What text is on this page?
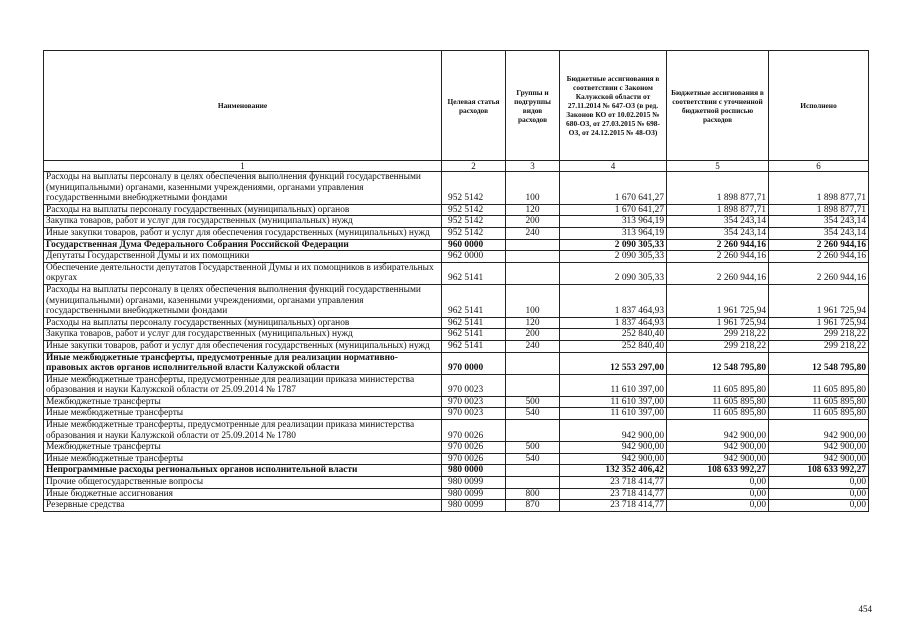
Наименование	Целевая статья расходов	Группы и подгруппы видов расходов	Бюджетные ассигнования в соответствии с Законом Калужской области от 27.11.2014 № 647-ОЗ (в ред. Законов КО от 10.02.2015 № 680-ОЗ, от 27.03.2015 № 698-ОЗ, от 24.12.2015 № 48-ОЗ)	Бюджетные ассигнования в соответствии с уточненной бюджетной росписью расходов	Исполнено
1	2	3	4	5	6
Расходы на выплаты персоналу в целях обеспечения выполнения функций государственными (муниципальными) органами, казенными учреждениями, органами управления государственными внебюджетными фондами	952 5142	100	1 670 641,27	1 898 877,71	1 898 877,71
Расходы на выплаты персоналу государственных (муниципальных) органов	952 5142	120	1 670 641,27	1 898 877,71	1 898 877,71
Закупка товаров, работ и услуг для государственных (муниципальных) нужд	952 5142	200	313 964,19	354 243,14	354 243,14
Иные закупки товаров, работ и услуг для обеспечения государственных (муниципальных) нужд	952 5142	240	313 964,19	354 243,14	354 243,14
Государственная Дума Федерального Собрания Российской Федерации	960 0000		2 090 305,33	2 260 944,16	2 260 944,16
Депутаты Государственной Думы и их помощники	962 0000		2 090 305,33	2 260 944,16	2 260 944,16
Обеспечение деятельности депутатов Государственной Думы и их помощников в избирательных округах	962 5141		2 090 305,33	2 260 944,16	2 260 944,16
Расходы на выплаты персоналу в целях обеспечения выполнения функций государственными (муниципальными) органами, казенными учреждениями, органами управления государственными внебюджетными фондами	962 5141	100	1 837 464,93	1 961 725,94	1 961 725,94
Расходы на выплаты персоналу государственных (муниципальных) органов	962 5141	120	1 837 464,93	1 961 725,94	1 961 725,94
Закупка товаров, работ и услуг для государственных (муниципальных) нужд	962 5141	200	252 840,40	299 218,22	299 218,22
Иные закупки товаров, работ и услуг для обеспечения государственных (муниципальных) нужд	962 5141	240	252 840,40	299 218,22	299 218,22
Иные межбюджетные трансферты, предусмотренные для реализации нормативно-правовых актов органов исполнительной власти Калужской области	970 0000		12 553 297,00	12 548 795,80	12 548 795,80
Иные межбюджетные трансферты, предусмотренные для реализации приказа министерства образования и науки Калужской области от 25.09.2014 № 1787	970 0023		11 610 397,00	11 605 895,80	11 605 895,80
Межбюджетные трансферты	970 0023	500	11 610 397,00	11 605 895,80	11 605 895,80
Иные межбюджетные трансферты	970 0023	540	11 610 397,00	11 605 895,80	11 605 895,80
Иные межбюджетные трансферты, предусмотренные для реализации приказа министерства образования и науки Калужской области от 25.09.2014 № 1780	970 0026		942 900,00	942 900,00	942 900,00
Межбюджетные трансферты	970 0026	500	942 900,00	942 900,00	942 900,00
Иные межбюджетные трансферты	970 0026	540	942 900,00	942 900,00	942 900,00
Непрограммные расходы региональных органов исполнительной власти	980 0000		132 352 406,42	108 633 992,27	108 633 992,27
Прочие общегосударственные вопросы	980 0099		23 718 414,77	0,00	0,00
Иные бюджетные ассигнования	980 0099	800	23 718 414,77	0,00	0,00
Резервные средства	980 0099	870	23 718 414,77	0,00	0,00
454
